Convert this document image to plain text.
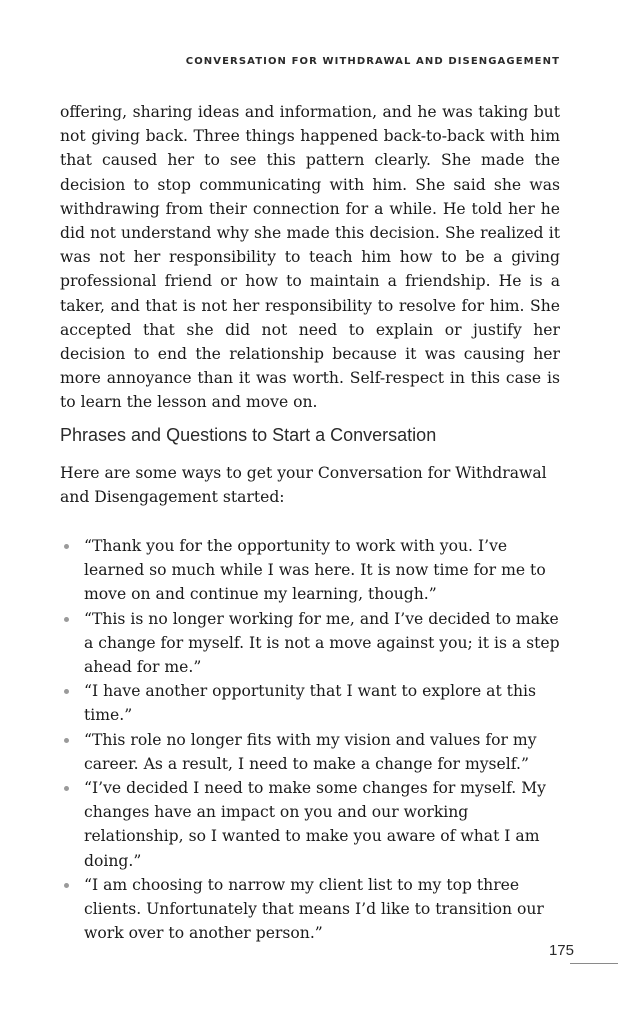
CONVERSATION FOR WITHDRAWAL AND DISENGAGEMENT

offering, sharing ideas and information, and he was taking but not giving back. Three things happened back-to-back with him that caused her to see this pattern clearly. She made the decision to stop communicating with him. She said she was withdrawing from their connection for a while. He told her he did not understand why she made this decision. She realized it was not her responsibility to teach him how to be a giving professional friend or how to maintain a friendship. He is a taker, and that is not her responsibility to resolve for him. She accepted that she did not need to explain or justify her decision to end the relationship because it was causing her more annoyance than it was worth. Self-respect in this case is to learn the lesson and move on.

Phrases and Questions to Start a Conversation

Here are some ways to get your Conversation for Withdrawal and Disengagement started:

“Thank you for the opportunity to work with you. I’ve learned so much while I was here. It is now time for me to move on and continue my learning, though.”
“This is no longer working for me, and I’ve decided to make a change for myself. It is not a move against you; it is a step ahead for me.”
“I have another opportunity that I want to explore at this time.”
“This role no longer fits with my vision and values for my career. As a result, I need to make a change for myself.”
“I’ve decided I need to make some changes for myself. My changes have an impact on you and our working relationship, so I wanted to make you aware of what I am doing.”
“I am choosing to narrow my client list to my top three clients. Unfortunately that means I’d like to transition our work over to another person.”
175
